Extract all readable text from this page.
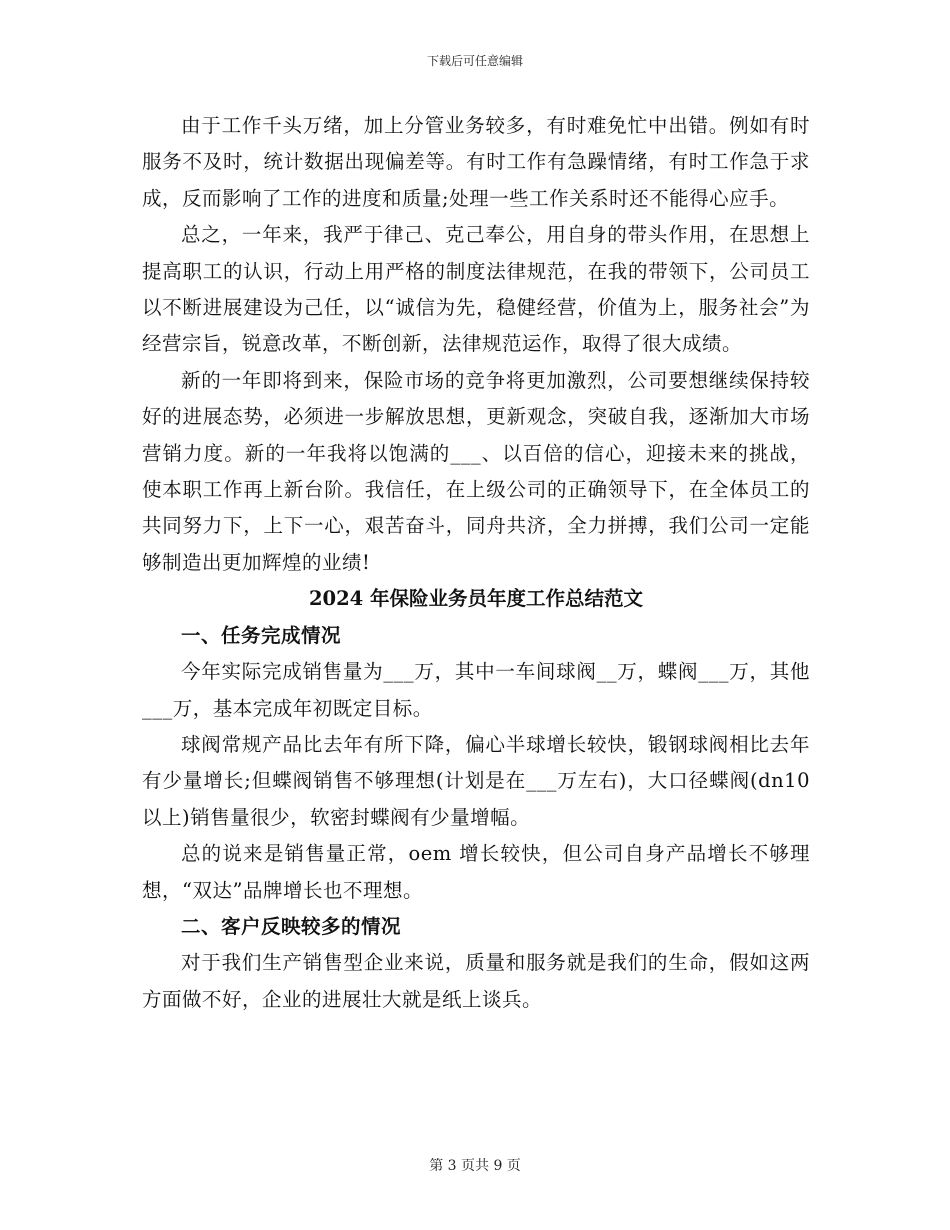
下载后可任意编辑

由于工作千头万绪，加上分管业务较多，有时难免忙中出错。例如有时服务不及时，统计数据出现偏差等。有时工作有急躁情绪，有时工作急于求成，反而影响了工作的进度和质量;处理一些工作关系时还不能得心应手。

总之，一年来，我严于律己、克己奉公，用自身的带头作用，在思想上提高职工的认识，行动上用严格的制度法律规范，在我的带领下，公司员工以不断进展建设为己任，以“诚信为先，稳健经营，价值为上，服务社会”为经营宗旨，锐意改革，不断创新，法律规范运作，取得了很大成绩。

新的一年即将到来，保险市场的竞争将更加激烈，公司要想继续保持较好的进展态势，必须进一步解放思想，更新观念，突破自我，逐渐加大市场营销力度。新的一年我将以饱满的___、以百倍的信心，迎接未来的挑战，使本职工作再上新台阶。我信任，在上级公司的正确领导下，在全体员工的共同努力下，上下一心，艰苦奋斗，同舟共济，全力拼搏，我们公司一定能够制造出更加辉煌的业绩!

2024 年保险业务员年度工作总结范文

一、任务完成情况

今年实际完成销售量为___万，其中一车间球阀__万，蝶阀___万，其他___万，基本完成年初既定目标。

球阀常规产品比去年有所下降，偏心半球增长较快，锻钢球阀相比去年有少量增长;但蝶阀销售不够理想(计划是在___万左右)，大口径蝶阀(dn10 以上)销售量很少，软密封蝶阀有少量增幅。

总的说来是销售量正常，oem 增长较快，但公司自身产品增长不够理想，“双达”品牌增长也不理想。

二、客户反映较多的情况

对于我们生产销售型企业来说，质量和服务就是我们的生命，假如这两方面做不好，企业的进展壮大就是纸上谈兵。

第 3 页共 9 页
